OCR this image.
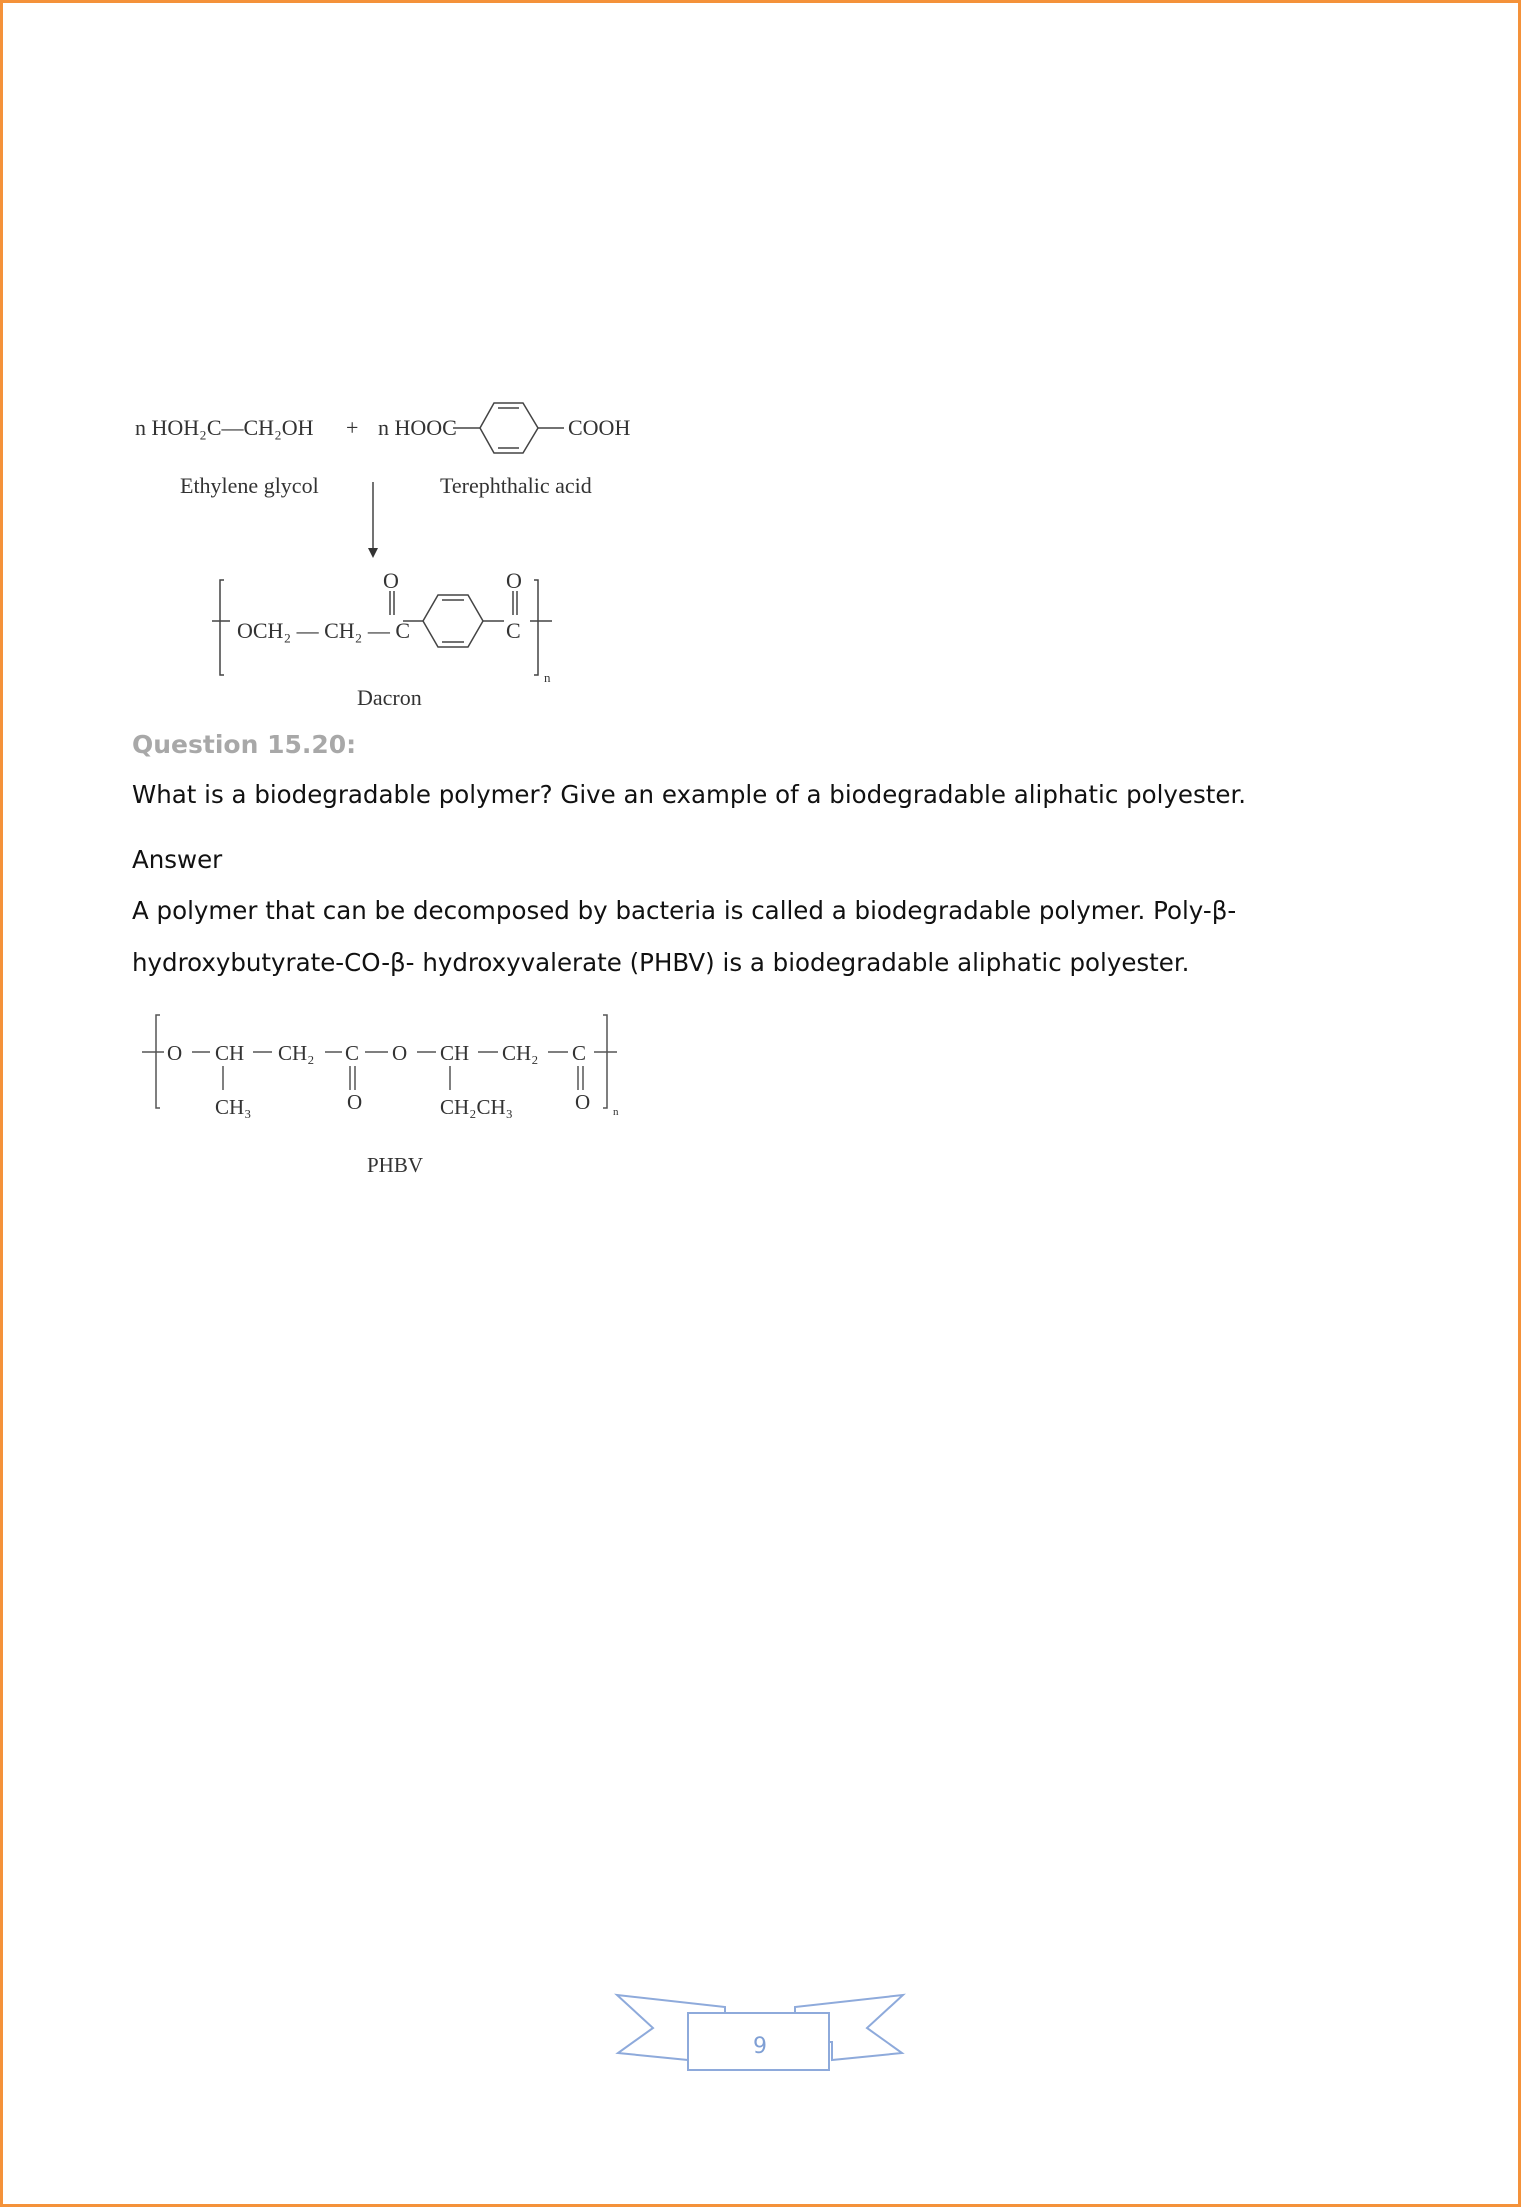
n HOH₂C—CH₂OH + n HOOC	COOH
Ethylene glycol	Terephthalic acid
OCH₂ — CH₂ — C	C
O	O
Dacron
n
Question 15.20:
What is a biodegradable polymer? Give an example of a biodegradable aliphatic polyester.
Answer
A polymer that can be decomposed by bacteria is called a biodegradable polymer. Poly-β-
hydroxybutyrate-CO-β- hydroxyvalerate (PHBV) is a biodegradable aliphatic polyester.
O CH CH₂ C O CH CH₂ C
CH₃	O	CH₂CH₃	O
PHBV
n
9
